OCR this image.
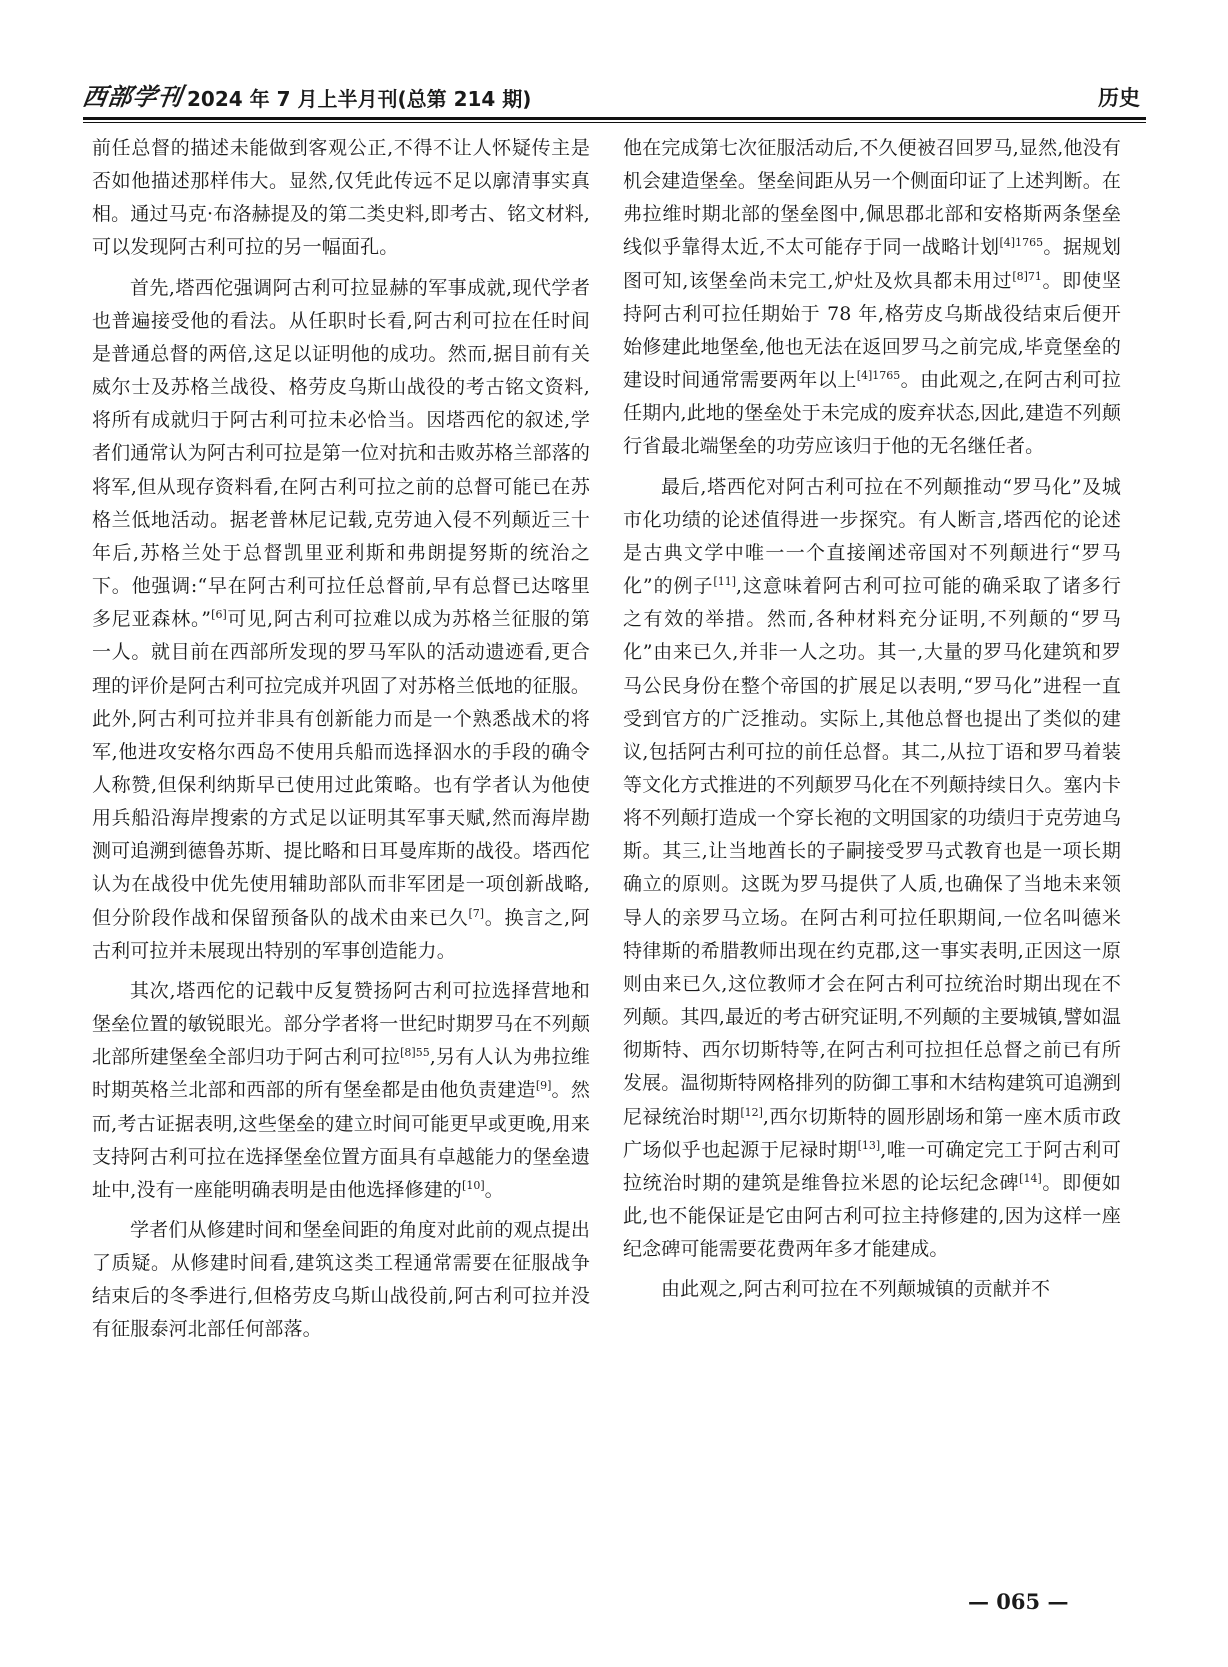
西部学刊 2024 年 7 月上半月刊(总第 214 期)	历史

前任总督的描述未能做到客观公正,不得不让人怀疑传主是否如他描述那样伟大。显然,仅凭此传远不足以廓清事实真相。通过马克·布洛赫提及的第二类史料,即考古、铭文材料,可以发现阿古利可拉的另一幅面孔。

首先,塔西佗强调阿古利可拉显赫的军事成就,现代学者也普遍接受他的看法。从任职时长看,阿古利可拉在任时间是普通总督的两倍,这足以证明他的成功。然而,据目前有关威尔士及苏格兰战役、格劳皮乌斯山战役的考古铭文资料,将所有成就归于阿古利可拉未必恰当。因塔西佗的叙述,学者们通常认为阿古利可拉是第一位对抗和击败苏格兰部落的将军,但从现存资料看,在阿古利可拉之前的总督可能已在苏格兰低地活动。据老普林尼记载,克劳迪入侵不列颠近三十年后,苏格兰处于总督凯里亚利斯和弗朗提努斯的统治之下。他强调:“早在阿古利可拉任总督前,早有总督已达喀里多尼亚森林。”[6]可见,阿古利可拉难以成为苏格兰征服的第一人。就目前在西部所发现的罗马军队的活动遗迹看,更合理的评价是阿古利可拉完成并巩固了对苏格兰低地的征服。此外,阿古利可拉并非具有创新能力而是一个熟悉战术的将军,他进攻安格尔西岛不使用兵船而选择泅水的手段的确令人称赞,但保利纳斯早已使用过此策略。也有学者认为他使用兵船沿海岸搜索的方式足以证明其军事天赋,然而海岸勘测可追溯到德鲁苏斯、提比略和日耳曼库斯的战役。塔西佗认为在战役中优先使用辅助部队而非军团是一项创新战略,但分阶段作战和保留预备队的战术由来已久[7]。换言之,阿古利可拉并未展现出特别的军事创造能力。

其次,塔西佗的记载中反复赞扬阿古利可拉选择营地和堡垒位置的敏锐眼光。部分学者将一世纪时期罗马在不列颠北部所建堡垒全部归功于阿古利可拉$^{[8]55}$,另有人认为弗拉维时期英格兰北部和西部的所有堡垒都是由他负责建造[9]。然而,考古证据表明,这些堡垒的建立时间可能更早或更晚,用来支持阿古利可拉在选择堡垒位置方面具有卓越能力的堡垒遗址中,没有一座能明确表明是由他选择修建的[10]。

学者们从修建时间和堡垒间距的角度对此前的观点提出了质疑。从修建时间看,建筑这类工程通常需要在征服战争结束后的冬季进行,但格劳皮乌斯山战役前,阿古利可拉并没有征服泰河北部任何部落。

他在完成第七次征服活动后,不久便被召回罗马,显然,他没有机会建造堡垒。堡垒间距从另一个侧面印证了上述判断。在弗拉维时期北部的堡垒图中,佩思郡北部和安格斯两条堡垒线似乎靠得太近,不太可能存于同一战略计划$^{[4]1765}$。据规划图可知,该堡垒尚未完工,炉灶及炊具都未用过$^{[8]71}$。即使坚持阿古利可拉任期始于 78 年,格劳皮乌斯战役结束后便开始修建此地堡垒,他也无法在返回罗马之前完成,毕竟堡垒的建设时间通常需要两年以上$^{[4]1765}$。由此观之,在阿古利可拉任期内,此地的堡垒处于未完成的废弃状态,因此,建造不列颠行省最北端堡垒的功劳应该归于他的无名继任者。

最后,塔西佗对阿古利可拉在不列颠推动“罗马化”及城市化功绩的论述值得进一步探究。有人断言,塔西佗的论述是古典文学中唯一一个直接阐述帝国对不列颠进行“罗马化”的例子[11],这意味着阿古利可拉可能的确采取了诸多行之有效的举措。然而,各种材料充分证明,不列颠的“罗马化”由来已久,并非一人之功。其一,大量的罗马化建筑和罗马公民身份在整个帝国的扩展足以表明,“罗马化”进程一直受到官方的广泛推动。实际上,其他总督也提出了类似的建议,包括阿古利可拉的前任总督。其二,从拉丁语和罗马着装等文化方式推进的不列颠罗马化在不列颠持续日久。塞内卡将不列颠打造成一个穿长袍的文明国家的功绩归于克劳迪乌斯。其三,让当地酋长的子嗣接受罗马式教育也是一项长期确立的原则。这既为罗马提供了人质,也确保了当地未来领导人的亲罗马立场。在阿古利可拉任职期间,一位名叫德米特律斯的希腊教师出现在约克郡,这一事实表明,正因这一原则由来已久,这位教师才会在阿古利可拉统治时期出现在不列颠。其四,最近的考古研究证明,不列颠的主要城镇,譬如温彻斯特、西尔切斯特等,在阿古利可拉担任总督之前已有所发展。温彻斯特网格排列的防御工事和木结构建筑可追溯到尼禄统治时期[12],西尔切斯特的圆形剧场和第一座木质市政广场似乎也起源于尼禄时期[13],唯一可确定完工于阿古利可拉统治时期的建筑是维鲁拉米恩的论坛纪念碑[14]。即便如此,也不能保证是它由阿古利可拉主持修建的,因为这样一座纪念碑可能需要花费两年多才能建成。

由此观之,阿古利可拉在不列颠城镇的贡献并不

— 065 —
